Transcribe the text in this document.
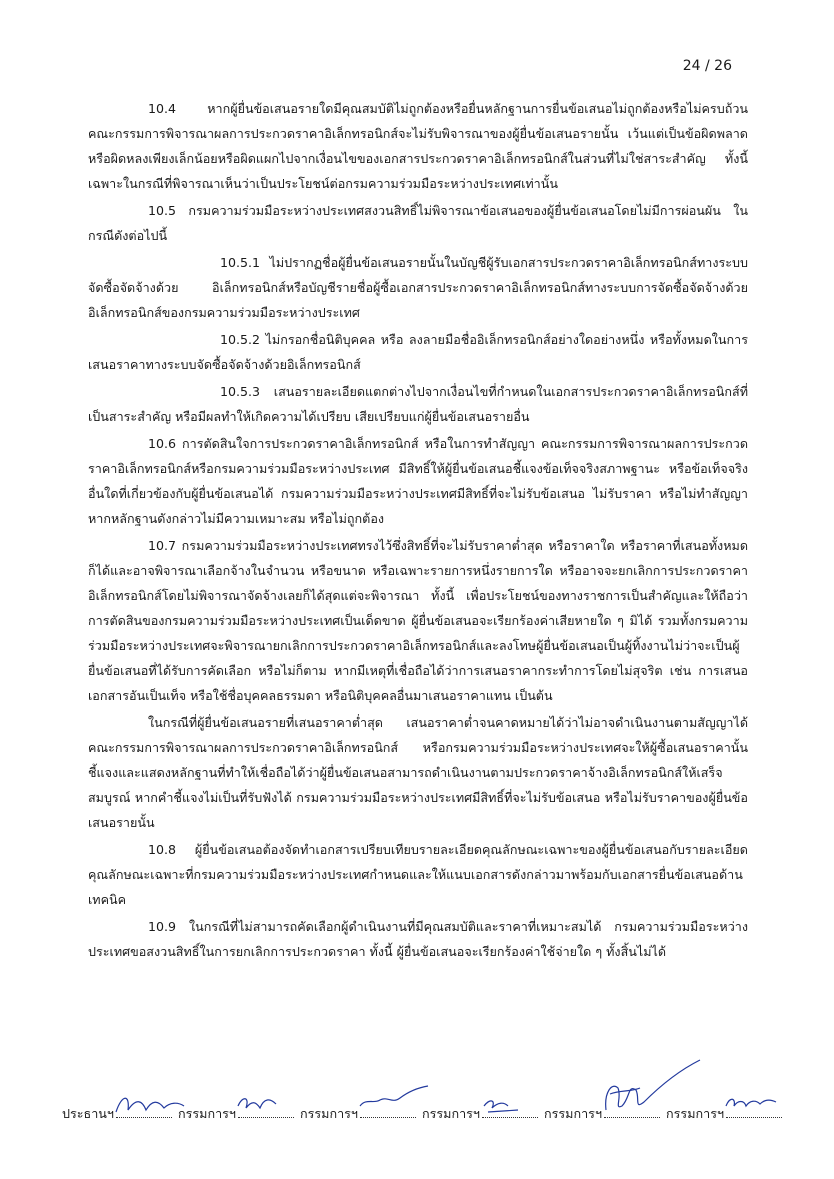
24 / 26

10.4 หากผู้ยื่นข้อเสนอรายใดมีคุณสมบัติไม่ถูกต้องหรือยื่นหลักฐานการยื่นข้อเสนอไม่ถูกต้องหรือไม่ครบถ้วน คณะกรรมการพิจารณาผลการประกวดราคาอิเล็กทรอนิกส์จะไม่รับพิจารณาของผู้ยื่นข้อเสนอรายนั้น เว้นแต่เป็นข้อผิดพลาดหรือผิดหลงเพียงเล็กน้อยหรือผิดแผกไปจากเงื่อนไขของเอกสารประกวดราคาอิเล็กทรอนิกส์ในส่วนที่ไม่ใช่สาระสำคัญ ทั้งนี้ เฉพาะในกรณีที่พิจารณาเห็นว่าเป็นประโยชน์ต่อกรมความร่วมมือระหว่างประเทศเท่านั้น

10.5 กรมความร่วมมือระหว่างประเทศสงวนสิทธิ์ไม่พิจารณาข้อเสนอของผู้ยื่นข้อเสนอโดยไม่มีการผ่อนผัน ในกรณีดังต่อไปนี้

10.5.1 ไม่ปรากฏชื่อผู้ยื่นข้อเสนอรายนั้นในบัญชีผู้รับเอกสารประกวดราคาอิเล็กทรอนิกส์ทางระบบจัดซื้อจัดจ้างด้วย อิเล็กทรอนิกส์หรือบัญชีรายชื่อผู้ซื้อเอกสารประกวดราคาอิเล็กทรอนิกส์ทางระบบการจัดซื้อจัดจ้างด้วยอิเล็กทรอนิกส์ของกรมความร่วมมือระหว่างประเทศ

10.5.2 ไม่กรอกชื่อนิติบุคคล หรือ ลงลายมือชื่ออิเล็กทรอนิกส์อย่างใดอย่างหนึ่ง หรือทั้งหมดในการเสนอราคาทางระบบจัดซื้อจัดจ้างด้วยอิเล็กทรอนิกส์

10.5.3 เสนอรายละเอียดแตกต่างไปจากเงื่อนไขที่กำหนดในเอกสารประกวดราคาอิเล็กทรอนิกส์ที่เป็นสาระสำคัญ หรือมีผลทำให้เกิดความได้เปรียบ เสียเปรียบแก่ผู้ยื่นข้อเสนอรายอื่น

10.6 การตัดสินใจการประกวดราคาอิเล็กทรอนิกส์ หรือในการทำสัญญา คณะกรรมการพิจารณาผลการประกวดราคาอิเล็กทรอนิกส์หรือกรมความร่วมมือระหว่างประเทศ มีสิทธิ์ให้ผู้ยื่นข้อเสนอชี้แจงข้อเท็จจริงสภาพฐานะ หรือข้อเท็จจริงอื่นใดที่เกี่ยวข้องกับผู้ยื่นข้อเสนอได้ กรมความร่วมมือระหว่างประเทศมีสิทธิ์ที่จะไม่รับข้อเสนอ ไม่รับราคา หรือไม่ทำสัญญาหากหลักฐานดังกล่าวไม่มีความเหมาะสม หรือไม่ถูกต้อง

10.7 กรมความร่วมมือระหว่างประเทศทรงไว้ซึ่งสิทธิ์ที่จะไม่รับราคาต่ำสุด หรือราคาใด หรือราคาที่เสนอทั้งหมดก็ได้และอาจพิจารณาเลือกจ้างในจำนวน หรือขนาด หรือเฉพาะรายการหนึ่งรายการใด หรืออาจจะยกเลิกการประกวดราคาอิเล็กทรอนิกส์โดยไม่พิจารณาจัดจ้างเลยก็ได้สุดแต่จะพิจารณา ทั้งนี้ เพื่อประโยชน์ของทางราชการเป็นสำคัญและให้ถือว่าการตัดสินของกรมความร่วมมือระหว่างประเทศเป็นเด็ดขาด ผู้ยื่นข้อเสนอจะเรียกร้องค่าเสียหายใด ๆ มิได้ รวมทั้งกรมความร่วมมือระหว่างประเทศจะพิจารณายกเลิกการประกวดราคาอิเล็กทรอนิกส์และลงโทษผู้ยื่นข้อเสนอเป็นผู้ทิ้งงานไม่ว่าจะเป็นผู้ยื่นข้อเสนอที่ได้รับการคัดเลือก หรือไม่ก็ตาม หากมีเหตุที่เชื่อถือได้ว่าการเสนอราคากระทำการโดยไม่สุจริต เช่น การเสนอเอกสารอันเป็นเท็จ หรือใช้ชื่อบุคคลธรรมดา หรือนิติบุคคลอื่นมาเสนอราคาแทน เป็นต้น

ในกรณีที่ผู้ยื่นข้อเสนอรายที่เสนอราคาต่ำสุด เสนอราคาต่ำจนคาดหมายได้ว่าไม่อาจดำเนินงานตามสัญญาได้ คณะกรรมการพิจารณาผลการประกวดราคาอิเล็กทรอนิกส์ หรือกรมความร่วมมือระหว่างประเทศจะให้ผู้ซื้อเสนอราคานั้นชี้แจงและแสดงหลักฐานที่ทำให้เชื่อถือได้ว่าผู้ยื่นข้อเสนอสามารถดำเนินงานตามประกวดราคาจ้างอิเล็กทรอนิกส์ให้เสร็จสมบูรณ์ หากคำชี้แจงไม่เป็นที่รับฟังได้ กรมความร่วมมือระหว่างประเทศมีสิทธิ์ที่จะไม่รับข้อเสนอ หรือไม่รับราคาของผู้ยื่นข้อเสนอรายนั้น

10.8 ผู้ยื่นข้อเสนอต้องจัดทำเอกสารเปรียบเทียบรายละเอียดคุณลักษณะเฉพาะของผู้ยื่นข้อเสนอกับรายละเอียดคุณลักษณะเฉพาะที่กรมความร่วมมือระหว่างประเทศกำหนดและให้แนบเอกสารดังกล่าวมาพร้อมกับเอกสารยื่นข้อเสนอด้านเทคนิค

10.9 ในกรณีที่ไม่สามารถคัดเลือกผู้ดำเนินงานที่มีคุณสมบัติและราคาที่เหมาะสมได้ กรมความร่วมมือระหว่างประเทศขอสงวนสิทธิ์ในการยกเลิกการประกวดราคา ทั้งนี้ ผู้ยื่นข้อเสนอจะเรียกร้องค่าใช้จ่ายใด ๆ ทั้งสิ้นไม่ได้

ประธานฯ	กรรมการฯ	กรรมการฯ	กรรมการฯ	กรรมการฯ	กรรมการฯ
